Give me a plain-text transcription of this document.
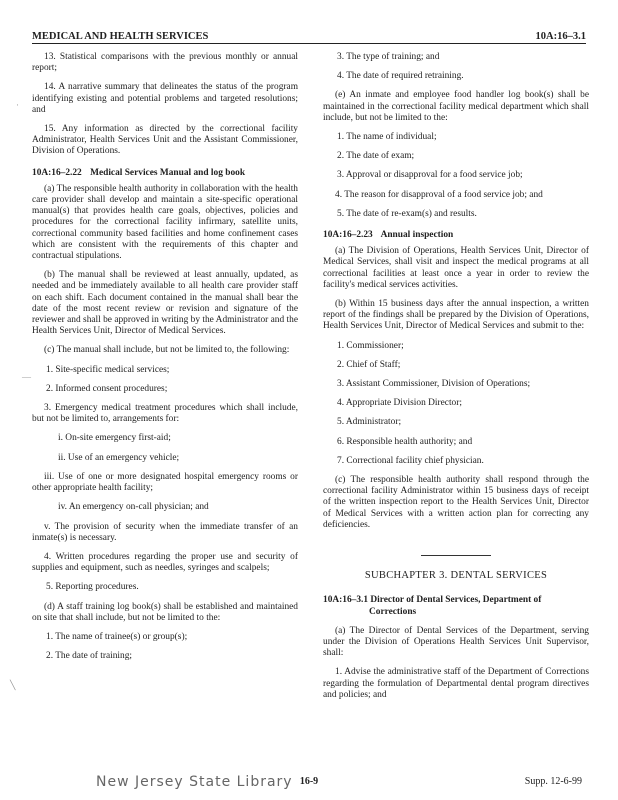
MEDICAL AND HEALTH SERVICES	10A:16–3.1
·
—
╲

13. Statistical comparisons with the previous monthly or annual report;

14. A narrative summary that delineates the status of the program identifying existing and potential problems and targeted resolutions; and

15. Any information as directed by the correctional facility Administrator, Health Services Unit and the Assistant Commissioner, Division of Operations.

10A:16–2.22 Medical Services Manual and log book

(a) The responsible health authority in collaboration with the health care provider shall develop and maintain a site-specific operational manual(s) that provides health care goals, objectives, policies and procedures for the correctional facility infirmary, satellite units, correctional community based facilities and home confinement cases which are consistent with the requirements of this chapter and contractual stipulations.

(b) The manual shall be reviewed at least annually, updated, as needed and be immediately available to all health care provider staff on each shift. Each document contained in the manual shall bear the date of the most recent review or revision and signature of the reviewer and shall be approved in writing by the Administrator and the Health Services Unit, Director of Medical Services.

(c) The manual shall include, but not be limited to, the following:

1. Site-specific medical services;

2. Informed consent procedures;

3. Emergency medical treatment procedures which shall include, but not be limited to, arrangements for:

i. On-site emergency first-aid;

ii. Use of an emergency vehicle;

iii. Use of one or more designated hospital emergency rooms or other appropriate health facility;

iv. An emergency on-call physician; and

v. The provision of security when the immediate transfer of an inmate(s) is necessary.

4. Written procedures regarding the proper use and security of supplies and equipment, such as needles, syringes and scalpels;

5. Reporting procedures.

(d) A staff training log book(s) shall be established and maintained on site that shall include, but not be limited to the:

1. The name of trainee(s) or group(s);

2. The date of training;

3. The type of training; and

4. The date of required retraining.

(e) An inmate and employee food handler log book(s) shall be maintained in the correctional facility medical department which shall include, but not be limited to the:

1. The name of individual;

2. The date of exam;

3. Approval or disapproval for a food service job;

4. The reason for disapproval of a food service job; and

5. The date of re-exam(s) and results.

10A:16–2.23 Annual inspection

(a) The Division of Operations, Health Services Unit, Director of Medical Services, shall visit and inspect the medical programs at all correctional facilities at least once a year in order to review the facility's medical services activities.

(b) Within 15 business days after the annual inspection, a written report of the findings shall be prepared by the Division of Operations, Health Services Unit, Director of Medical Services and submit to the:

1. Commissioner;

2. Chief of Staff;

3. Assistant Commissioner, Division of Operations;

4. Appropriate Division Director;

5. Administrator;

6. Responsible health authority; and

7. Correctional facility chief physician.

(c) The responsible health authority shall respond through the correctional facility Administrator within 15 business days of receipt of the written inspection report to the Health Services Unit, Director of Medical Services with a written action plan for correcting any deficiencies.

SUBCHAPTER 3. DENTAL SERVICES
10A:16–3.1 Director of Dental Services, Department of Corrections

(a) The Director of Dental Services of the Department, serving under the Division of Operations Health Services Unit Supervisor, shall:

1. Advise the administrative staff of the Department of Corrections regarding the formulation of Departmental dental program directives and policies; and

New Jersey State Library 16-9	Supp. 12-6-99
